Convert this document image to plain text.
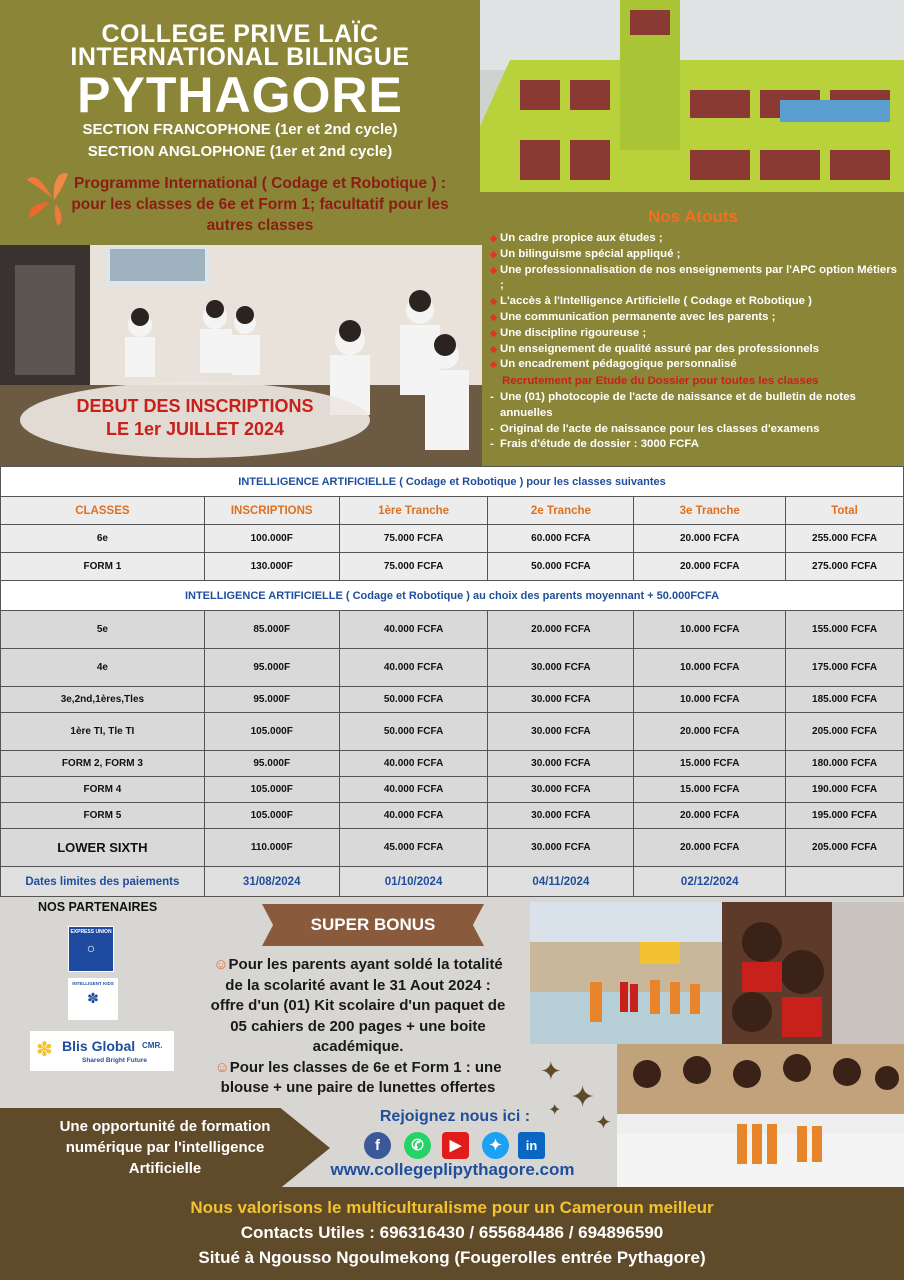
COLLEGE PRIVE LAÏC
INTERNATIONAL BILINGUE
PYTHAGORE
SECTION FRANCOPHONE (1er et 2nd cycle)
SECTION ANGLOPHONE (1er et 2nd cycle)
Programme International ( Codage et Robotique ) : pour les classes de 6e et Form 1; facultatif pour les autres classes
DEBUT DES INSCRIPTIONS
LE 1er JUILLET 2024
Nos Atouts
◆ Un cadre propice aux études ;
◆ Un bilinguisme spécial appliqué ;
◆ Une professionnalisation de nos enseignements par l'APC option Métiers ;
◆ L'accès à l'Intelligence Artificielle ( Codage et Robotique )
◆ Une communication permanente avec les parents ;
◆ Une discipline rigoureuse ;
◆ Un enseignement de qualité assuré par des professionnels
◆ Un encadrement pédagogique personnalisé
Recrutement par Etude du Dossier pour toutes les classes
- Une (01) photocopie de l'acte de naissance et de bulletin de notes annuelles
- Original de l'acte de naissance pour les classes d'examens
- Frais d'étude de dossier : 3000 FCFA
INTELLIGENCE ARTIFICIELLE ( Codage et Robotique ) pour les classes suivantes					
CLASSES	INSCRIPTIONS	1ère Tranche	2e Tranche	3e Tranche	Total
6e	100.000F	75.000 FCFA	60.000 FCFA	20.000 FCFA	255.000 FCFA
FORM 1	130.000F	75.000 FCFA	50.000 FCFA	20.000 FCFA	275.000 FCFA
INTELLIGENCE ARTIFICIELLE ( Codage et Robotique ) au choix des parents moyennant + 50.000FCFA					
5e	85.000F	40.000 FCFA	20.000 FCFA	10.000 FCFA	155.000 FCFA
4e	95.000F	40.000 FCFA	30.000 FCFA	10.000 FCFA	175.000 FCFA
3e,2nd,1ères,Tles	95.000F	50.000 FCFA	30.000 FCFA	10.000 FCFA	185.000 FCFA
1ère TI, Tle TI	105.000F	50.000 FCFA	30.000 FCFA	20.000 FCFA	205.000 FCFA
FORM 2, FORM 3	95.000F	40.000 FCFA	30.000 FCFA	15.000 FCFA	180.000 FCFA
FORM 4	105.000F	40.000 FCFA	30.000 FCFA	15.000 FCFA	190.000 FCFA
FORM 5	105.000F	40.000 FCFA	30.000 FCFA	20.000 FCFA	195.000 FCFA
LOWER SIXTH	110.000F	45.000 FCFA	30.000 FCFA	20.000 FCFA	205.000 FCFA
Dates limites des paiements	31/08/2024	01/10/2024	04/11/2024	02/12/2024	
NOS PARTENAIRES
EXPRESS UNION
○
INTELLIGENT KIDS
✽
✽ Blis Global CMR.
Shared Bright Future
SUPER BONUS
☺Pour les parents ayant soldé la totalité de la scolarité avant le 31 Aout 2024 : offre d'un (01) Kit scolaire d'un paquet de 05 cahiers de 200 pages + une boite académique.
☺Pour les classes de 6e et Form 1 : une blouse + une paire de lunettes offertes
✦
✦
✦
✦
Une opportunité de formation numérique par l'intelligence Artificielle
Rejoignez nous ici :
f	✆	▶	✦	in
www.collegeplipythagore.com
Nous valorisons le multiculturalisme pour un Cameroun meilleur
Contacts Utiles : 696316430 / 655684486 / 694896590
Situé à Ngousso Ngoulmekong (Fougerolles entrée Pythagore)
